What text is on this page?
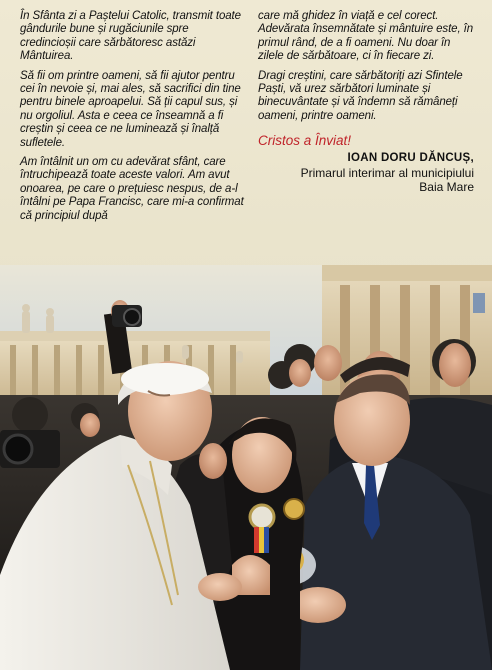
În Sfânta zi a Paștelui Catolic, transmit toate gândurile bune și rugăciunile spre credincioșii care sărbătoresc astăzi Mântuirea.

Să fii om printre oameni, să fii ajutor pentru cei în nevoie și, mai ales, să sacrifici din tine pentru binele aproapelui. Să ții capul sus, și nu orgoliul. Asta e ceea ce înseamnă a fi creștin și ceea ce ne luminează și înalță sufletele.

Am întâlnit un om cu adevărat sfânt, care întruchipează toate aceste valori. Am avut onoarea, pe care o prețuiesc nespus, de a-l întâlni pe Papa Francisc, care mi-a confirmat că principiul după

care mă ghidez în viață e cel corect. Adevărata însemnătate și mântuire este, în primul rând, de a fi oameni. Nu doar în zilele de sărbătoare, ci în fiecare zi.

Dragi creștini, care sărbătoriți azi Sfintele Paști, vă urez sărbători luminate și binecuvântate și vă îndemn să rămâneți oameni, printre oameni.

Cristos a Înviat!

IOAN DORU DĂNCUȘ,

Primarul interimar al municipiului

Baia Mare
